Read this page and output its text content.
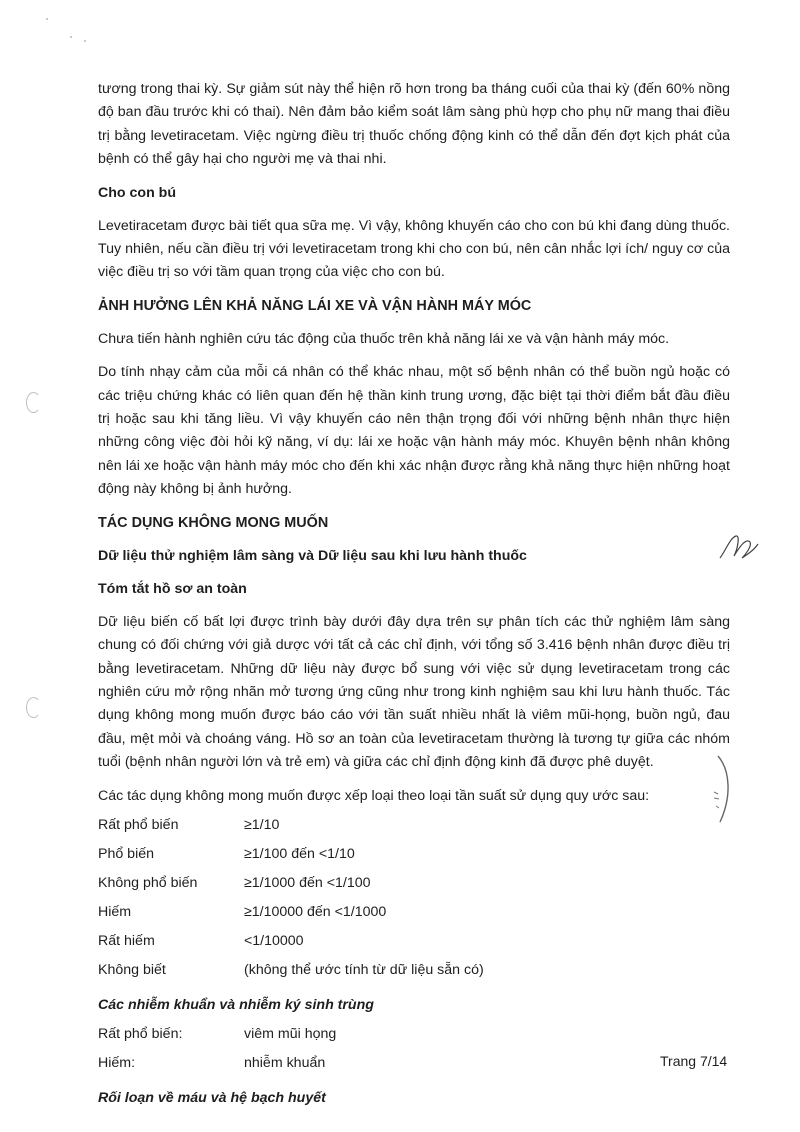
tương trong thai kỳ. Sự giảm sút này thể hiện rõ hơn trong ba tháng cuối của thai kỳ (đến 60% nồng độ ban đầu trước khi có thai). Nên đảm bảo kiểm soát lâm sàng phù hợp cho phụ nữ mang thai điều trị bằng levetiracetam. Việc ngừng điều trị thuốc chống động kinh có thể dẫn đến đợt kịch phát của bệnh có thể gây hại cho người mẹ và thai nhi.

Cho con bú

Levetiracetam được bài tiết qua sữa mẹ. Vì vậy, không khuyến cáo cho con bú khi đang dùng thuốc. Tuy nhiên, nếu cần điều trị với levetiracetam trong khi cho con bú, nên cân nhắc lợi ích/ nguy cơ của việc điều trị so với tầm quan trọng của việc cho con bú.

ẢNH HƯỞNG LÊN KHẢ NĂNG LÁI XE VÀ VẬN HÀNH MÁY MÓC

Chưa tiến hành nghiên cứu tác động của thuốc trên khả năng lái xe và vận hành máy móc.

Do tính nhạy cảm của mỗi cá nhân có thể khác nhau, một số bệnh nhân có thể buồn ngủ hoặc có các triệu chứng khác có liên quan đến hệ thần kinh trung ương, đặc biệt tại thời điểm bắt đầu điều trị hoặc sau khi tăng liều. Vì vậy khuyến cáo nên thận trọng đối với những bệnh nhân thực hiện những công việc đòi hỏi kỹ năng, ví dụ: lái xe hoặc vận hành máy móc. Khuyên bệnh nhân không nên lái xe hoặc vận hành máy móc cho đến khi xác nhận được rằng khả năng thực hiện những hoạt động này không bị ảnh hưởng.

TÁC DỤNG KHÔNG MONG MUỐN
Dữ liệu thử nghiệm lâm sàng và Dữ liệu sau khi lưu hành thuốc
Tóm tắt hồ sơ an toàn

Dữ liệu biến cố bất lợi được trình bày dưới đây dựa trên sự phân tích các thử nghiệm lâm sàng chung có đối chứng với giả dược với tất cả các chỉ định, với tổng số 3.416 bệnh nhân được điều trị bằng levetiracetam. Những dữ liệu này được bổ sung với việc sử dụng levetiracetam trong các nghiên cứu mở rộng nhãn mở tương ứng cũng như trong kinh nghiệm sau khi lưu hành thuốc. Tác dụng không mong muốn được báo cáo với tần suất nhiều nhất là viêm mũi-họng, buồn ngủ, đau đầu, mệt mỏi và choáng váng. Hồ sơ an toàn của levetiracetam thường là tương tự giữa các nhóm tuổi (bệnh nhân người lớn và trẻ em) và giữa các chỉ định động kinh đã được phê duyệt.

Các tác dụng không mong muốn được xếp loại theo loại tần suất sử dụng quy ước sau:

Rất phổ biến	≥1/10
Phổ biến	≥1/100 đến <1/10
Không phổ biến	≥1/1000 đến <1/100
Hiếm	≥1/10000 đến <1/1000
Rất hiếm	<1/10000
Không biết	(không thể ước tính từ dữ liệu sẵn có)
Các nhiễm khuẩn và nhiễm ký sinh trùng
Rất phổ biến:	viêm mũi họng
Hiếm:	nhiễm khuẩn
Rối loạn về máu và hệ bạch huyết
Trang 7/14
